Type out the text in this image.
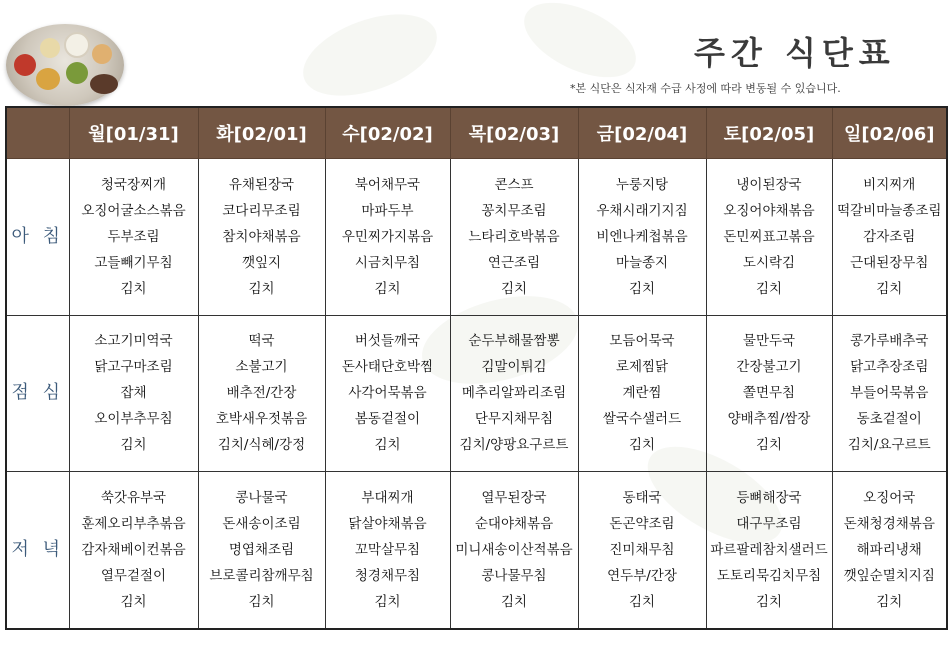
주간 식단표
*본 식단은 식자재 수급 사정에 따라 변동될 수 있습니다.
	월[01/31]	화[02/01]	수[02/02]	목[02/03]	금[02/04]	토[02/05]	일[02/06]
아 침	청국장찌개
오징어굴소스볶음
두부조림
고들빼기무침
김치	유채된장국
코다리무조림
참치야채볶음
깻잎지
김치	북어채무국
마파두부
우민찌가지볶음
시금치무침
김치	콘스프
꽁치무조림
느타리호박볶음
연근조림
김치	누룽지탕
우채시래기지짐
비엔나케첩볶음
마늘종지
김치	냉이된장국
오징어야채볶음
돈민찌표고볶음
도시락김
김치	비지찌개
떡갈비마늘종조림
감자조림
근대된장무침
김치

점 심	소고기미역국
닭고구마조림
잡채
오이부추무침
김치	떡국
소불고기
배추전/간장
호박새우젓볶음
김치/식혜/강정	버섯들깨국
돈사태단호박찜
사각어묵볶음
봄동겉절이
김치	순두부해물짬뽕
김말이튀김
메추리알꽈리조림
단무지채무침
김치/양팡요구르트	모듬어묵국
로제찜닭
계란찜
쌀국수샐러드
김치	물만두국
간장불고기
쫄면무침
양배추찜/쌈장
김치	콩가루배추국
닭고추장조림
부들어묵볶음
동초겉절이
김치/요구르트

저 녁	쑥갓유부국
훈제오리부추볶음
감자채베이컨볶음
열무겉절이
김치	콩나물국
돈새송이조림
명엽채조림
브로콜리참깨무침
김치	부대찌개
닭살야채볶음
꼬막살무침
청경채무침
김치	열무된장국
순대야채볶음
미니새송이산적볶음
콩나물무침
김치	동태국
돈곤약조림
진미채무침
연두부/간장
김치	등뼈해장국
대구무조림
파르팔레참치샐러드
도토리묵김치무침
김치	오징어국
돈채청경채볶음
해파리냉채
깻잎순멸치지짐
김치
